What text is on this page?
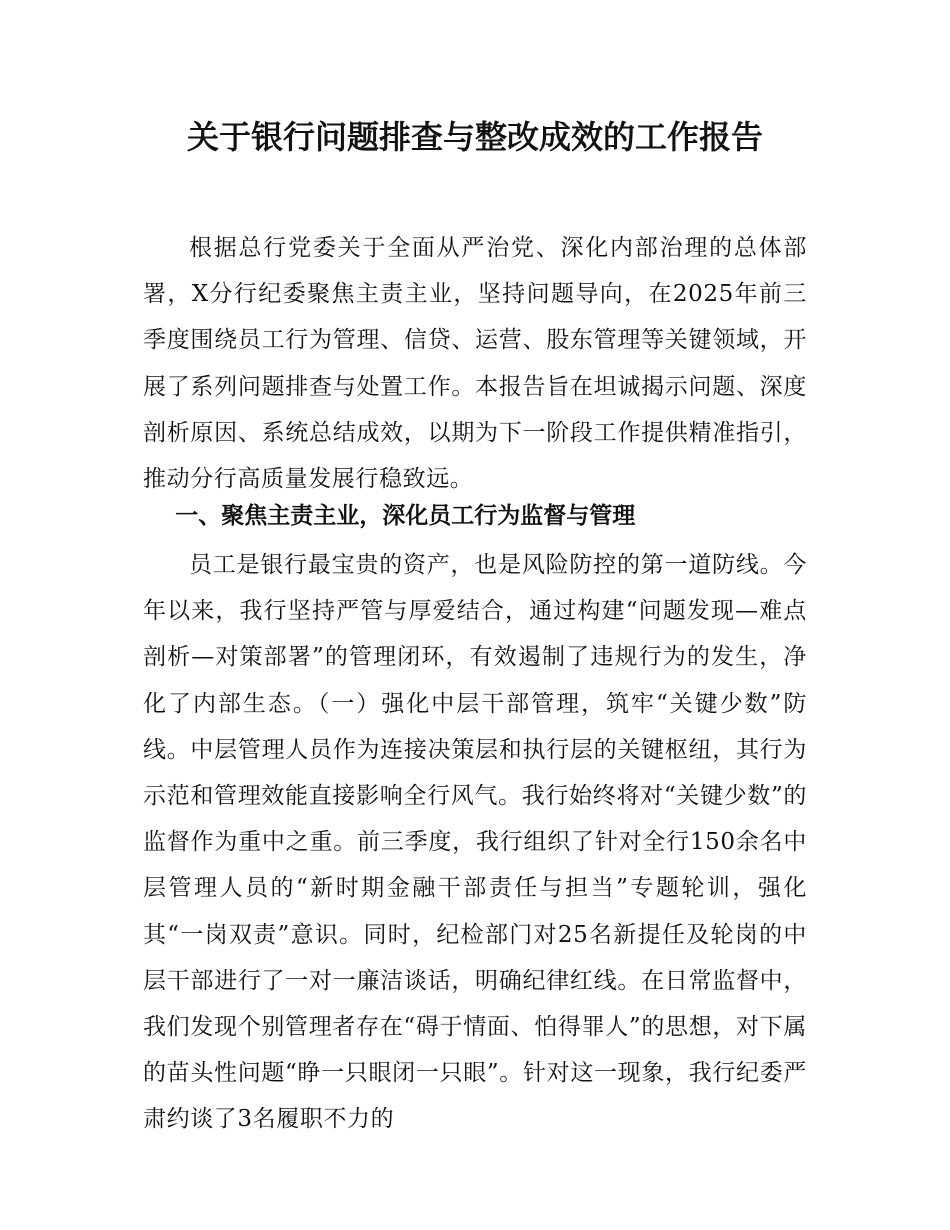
关于银行问题排查与整改成效的工作报告

根据总行党委关于全面从严治党、深化内部治理的总体部署，X分行纪委聚焦主责主业，坚持问题导向，在2025年前三季度围绕员工行为管理、信贷、运营、股东管理等关键领域，开展了系列问题排查与处置工作。本报告旨在坦诚揭示问题、深度剖析原因、系统总结成效，以期为下一阶段工作提供精准指引，推动分行高质量发展行稳致远。

一、聚焦主责主业，深化员工行为监督与管理

员工是银行最宝贵的资产，也是风险防控的第一道防线。今年以来，我行坚持严管与厚爱结合，通过构建“问题发现—难点剖析—对策部署”的管理闭环，有效遏制了违规行为的发生，净化了内部生态。（一）强化中层干部管理，筑牢“关键少数”防线。中层管理人员作为连接决策层和执行层的关键枢纽，其行为示范和管理效能直接影响全行风气。我行始终将对“关键少数”的监督作为重中之重。前三季度，我行组织了针对全行150余名中层管理人员的“新时期金融干部责任与担当”专题轮训，强化其“一岗双责”意识。同时，纪检部门对25名新提任及轮岗的中层干部进行了一对一廉洁谈话，明确纪律红线。在日常监督中，我们发现个别管理者存在“碍于情面、怕得罪人”的思想，对下属的苗头性问题“睁一只眼闭一只眼”。针对这一现象，我行纪委严肃约谈了3名履职不力的
